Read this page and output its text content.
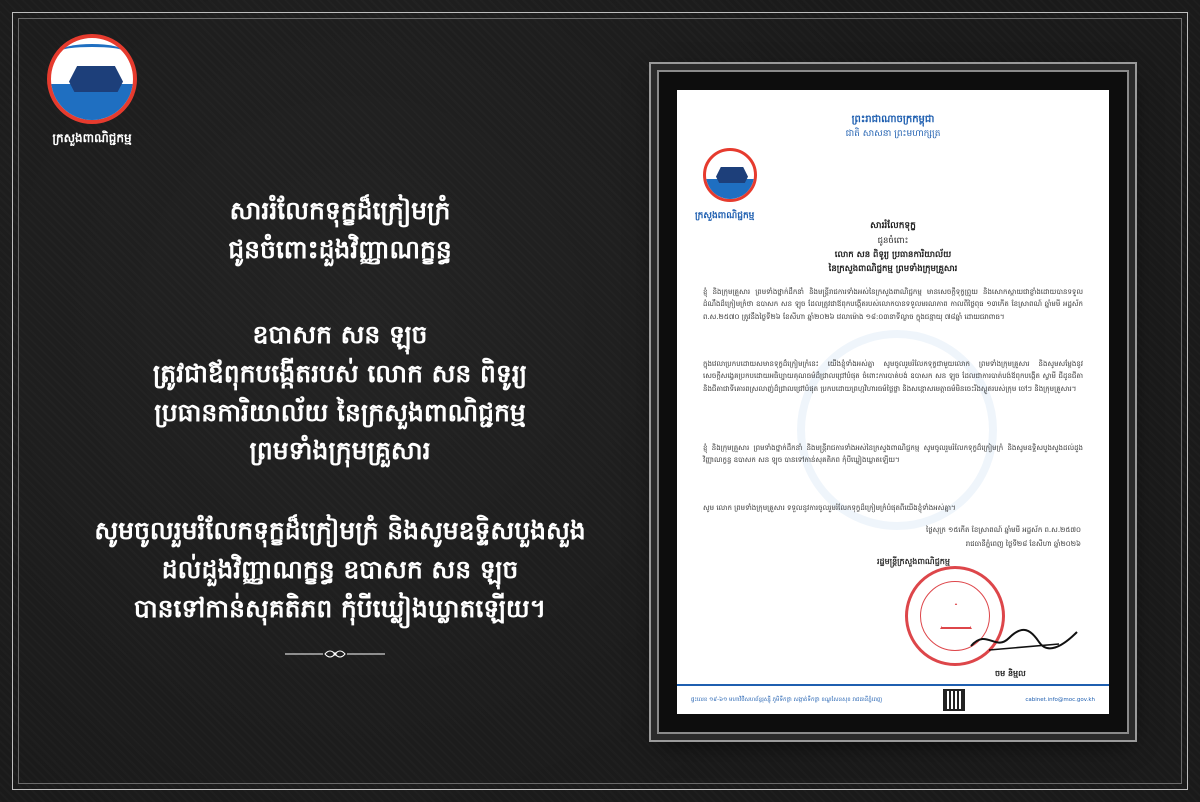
ក្រសួងពាណិជ្ជកម្ម
សាររំលែកទុក្ខដ៏ក្រៀមក្រំ
ជូនចំពោះដួងវិញ្ញាណក្ខន្ធ
ឧបាសក សន ឡុច
ត្រូវជាឪពុកបង្កើតរបស់ លោក សន ពិទូរ្យ
ប្រធានការិយាល័យ នៃក្រសួងពាណិជ្ជកម្ម
ព្រមទាំងក្រុមគ្រួសារ
សូមចូលរួមរំលែកទុក្ខដ៏ក្រៀមក្រំ និងសូមឧទ្ទិសបួងសួង
ដល់ដួងវិញ្ញាណក្ខន្ធ ឧបាសក សន ឡុច
បានទៅកាន់សុគតិភព កុំបីឃ្លៀងឃ្លាតឡើយ។
ព្រះរាជាណាចក្រកម្ពុជា
ជាតិ សាសនា ព្រះមហាក្សត្រ
ក្រសួងពាណិជ្ជកម្ម
សាររំលែកទុក្ខ
ជូនចំពោះ
លោក សន ពិទូរ្យ ប្រធានការិយាល័យ
នៃក្រសួងពាណិជ្ជកម្ម ព្រមទាំងក្រុមគ្រួសារ
ខ្ញុំ និងក្រុមគ្រួសារ ព្រមទាំងថ្នាក់ដឹកនាំ និងមន្ត្រីរាជការទាំងអស់នៃក្រសួងពាណិជ្ជកម្ម មានសេចក្តីទុក្ខព្រួយ និងសោកស្តាយជាខ្លាំងដោយបានទទួលដំណឹងដ៏ក្រៀមក្រំថា ឧបាសក សន ឡុច ដែលត្រូវជាឪពុកបង្កើតរបស់លោកបានទទួលមរណភាព កាលពីថ្ងៃពុធ ១៣កើត ខែស្រាពណ៍ ឆ្នាំមមី អដ្ឋស័ក ព.ស.២៥៧០ ត្រូវនឹងថ្ងៃទី២៦ ខែសីហា ឆ្នាំ២០២៦ វេលាម៉ោង ១៨:០៣នាទីល្ងាច ក្នុងជន្មាយុ ៧៨ឆ្នាំ ដោយជរាពាធ។
ក្នុងវេលាប្រកបដោយសមានទុក្ខដ៏ក្រៀមក្រំនេះ យើងខ្ញុំទាំងអស់គ្នា សូមចូលរួមរំលែកទុក្ខជាមួយលោក ព្រមទាំងក្រុមគ្រួសារ និងសូមសម្តែងនូវសេចក្តីសង្វេគប្រកបដោយអធិប្បាយគុណធម៌ដ៏ជ្រាលជ្រៅបំផុត ចំពោះការបាត់បង់ ឧបាសក សន ឡុច ដែលជាការបាត់បង់ឪពុកបង្កើត ស្វាមី ជីដូនជីតា និងជីតាជាទីគោរពស្រលាញ់ដ៏ជ្រាលជ្រៅបំផុត ប្រកបដោយព្រហ្មវិហារធម៌ថ្លៃថ្លា និងសន្តោសមេត្តាធម៌មិនចេះរីងស្ងួតរបស់ក្រុម ចៅៗ និងក្រុមគ្រួសារ។
ខ្ញុំ និងក្រុមគ្រួសារ ព្រមទាំងថ្នាក់ដឹកនាំ និងមន្ត្រីរាជការទាំងអស់នៃក្រសួងពាណិជ្ជកម្ម សូមចូលរួមរំលែកទុក្ខដ៏ក្រៀមក្រំ និងសូមឧទ្ទិសបួងសួងដល់ដួងវិញ្ញាណក្ខន្ធ ឧបាសក សន ឡុច បានទៅកាន់សុគតិភព កុំបីឃ្លៀងឃ្លាតឡើយ។
សូម លោក ព្រមទាំងក្រុមគ្រួសារ ទទួលនូវការចូលរួមរំលែកទុក្ខដ៏ក្រៀមក្រំបំផុតពីយើងខ្ញុំទាំងអស់គ្នា។
ថ្ងៃសុក្រ ១៥កើត ខែស្រាពណ៍ ឆ្នាំមមី អដ្ឋស័ក ព.ស.២៥៧០
រាជធានីភ្នំពេញ ថ្ងៃទី២៨ ខែសីហា ឆ្នាំ២០២៦
រដ្ឋមន្ត្រីក្រសួងពាណិជ្ជកម្ម
ចម និម្មល
ផ្ទះលេខ ១៩-៦១ មហាវិថីសហព័ន្ធរុស្ស៊ី ភូមិទឹកថ្លា សង្កាត់ទឹកថ្លា ខណ្ឌសែនសុខ រាជធានីភ្នំពេញ	cabinet.info@moc.gov.kh
